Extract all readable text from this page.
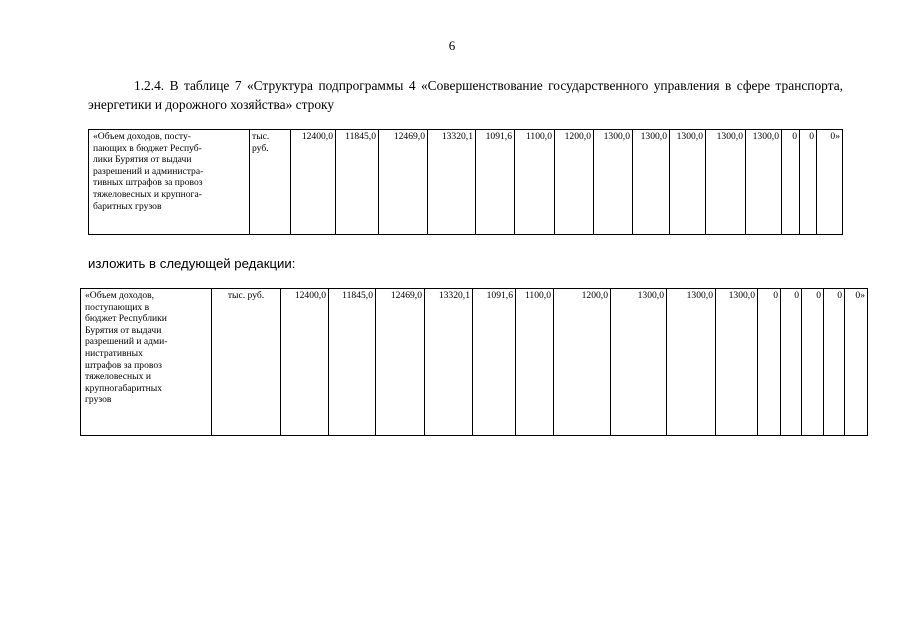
6

1.2.4. В таблице 7 «Структура подпрограммы 4 «Совершенствование государственного управления в сфере транспорта, энергетики и дорожного хозяйства» строку

«Объем доходов, посту-
пающих в бюджет Респуб-
лики Бурятия от выдачи
разрешений и администра-
тивных штрафов за провоз
тяжеловесных и крупнога-
баритных грузов

тыс.
руб.
	12400,0	11845,0	12469,0	13320,1	1091,6	1100,0	1200,0	1300,0	1300,0	1300,0	1300,0	1300,0	0	0	0»
изложить в следующей редакции:
«Объем доходов,
поступающих в
бюджет Республики
Бурятия от выдачи
разрешений и адми-
нистративных
штрафов за провоз
тяжеловесных и
крупногабаритных
грузов

тыс. руб.	12400,0	11845,0	12469,0	13320,1	1091,6	1100,0	1200,0	1300,0	1300,0	1300,0	0	0	0	0	0»
